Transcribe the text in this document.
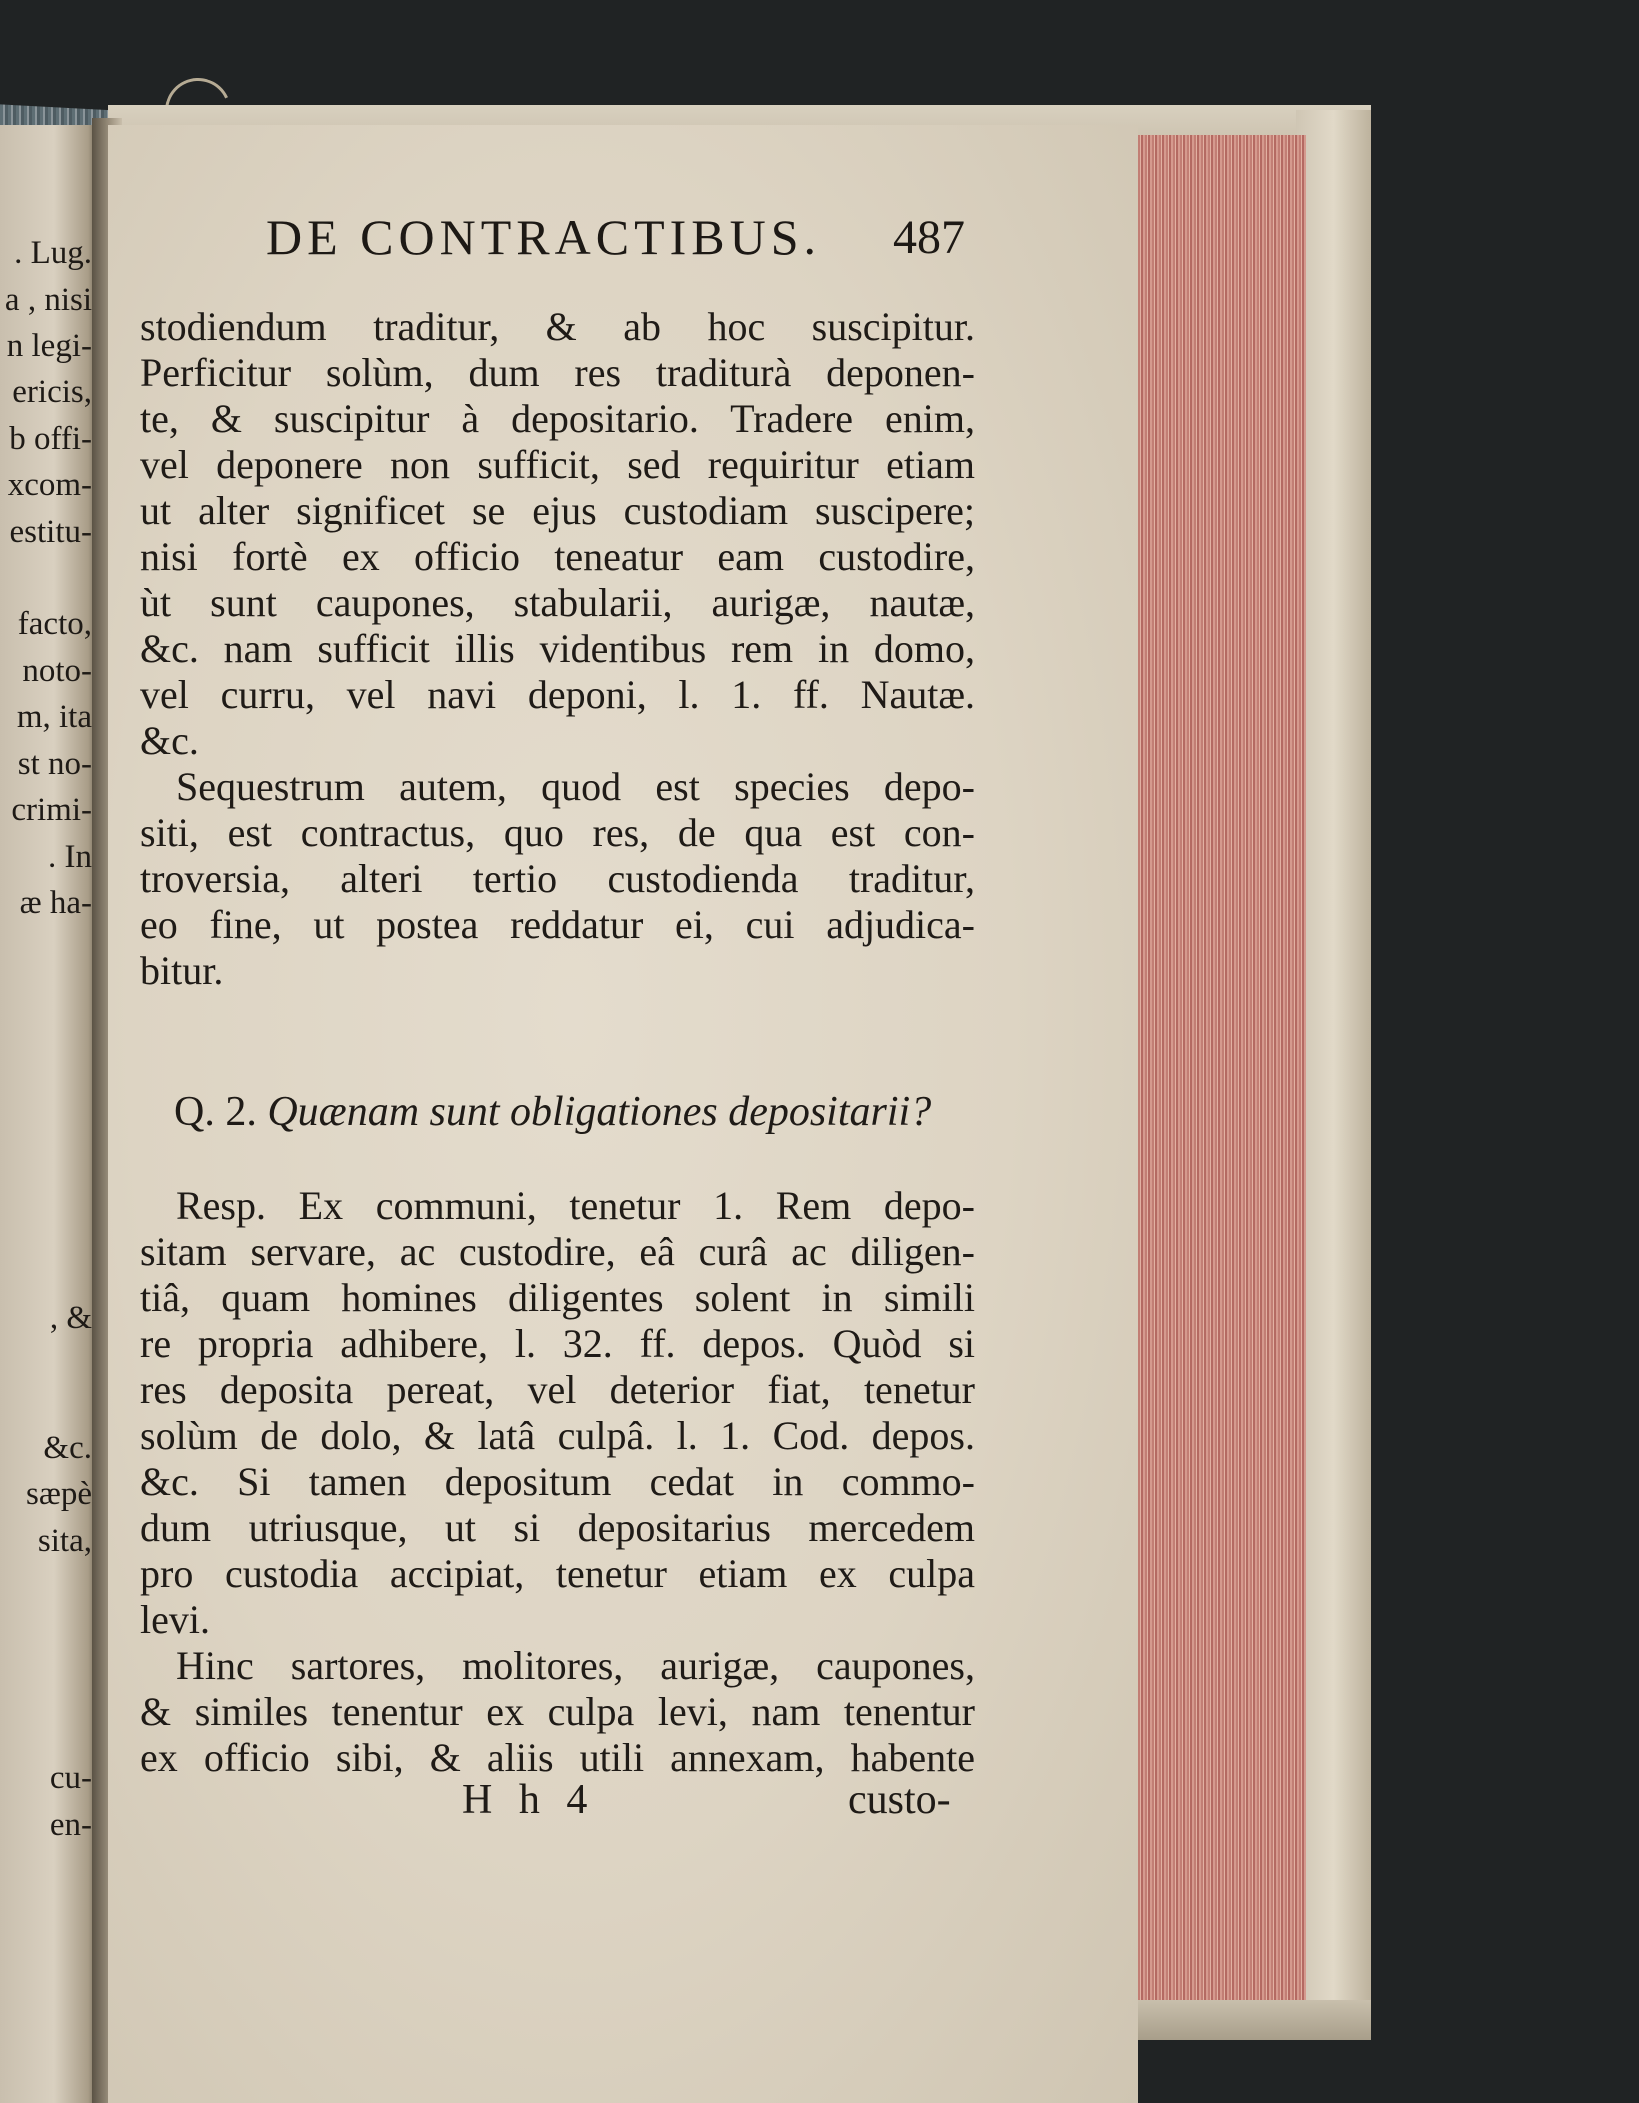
. Lug.
a , nisi
n legi-
ericis,
b offi-
xcom-
estitu-
facto,
noto-
m, ita
st no-
crimi-
. In
æ ha-
, &
&c.
sæpè
sita,
cu-
en-
DE CONTRACTIBUS. 487
stodiendum traditur, & ab hoc suscipitur.
Perficitur solùm, dum res traditurà deponen-
te, & suscipitur à depositario. Tradere enim,
vel deponere non sufficit, sed requiritur etiam
ut alter significet se ejus custodiam suscipere;
nisi fortè ex officio teneatur eam custodire,
ùt sunt caupones, stabularii, aurigæ, nautæ,
&c. nam sufficit illis videntibus rem in domo,
vel curru, vel navi deponi, l. 1. ff. Nautæ.
&c.
Sequestrum autem, quod est species depo-
siti, est contractus, quo res, de qua est con-
troversia, alteri tertio custodienda traditur,
eo fine, ut postea reddatur ei, cui adjudica-
bitur.
Q. 2. Quænam sunt obligationes depositarii?
Resp. Ex communi, tenetur 1. Rem depo-
sitam servare, ac custodire, eâ curâ ac diligen-
tiâ, quam homines diligentes solent in simili
re propria adhibere, l. 32. ff. depos. Quòd si
res deposita pereat, vel deterior fiat, tenetur
solùm de dolo, & latâ culpâ. l. 1. Cod. depos.
&c. Si tamen depositum cedat in commo-
dum utriusque, ut si depositarius mercedem
pro custodia accipiat, tenetur etiam ex culpa
levi.
Hinc sartores, molitores, aurigæ, caupones,
& similes tenentur ex culpa levi, nam tenentur
ex officio sibi, & aliis utili annexam, habente
H h 4	custo-
